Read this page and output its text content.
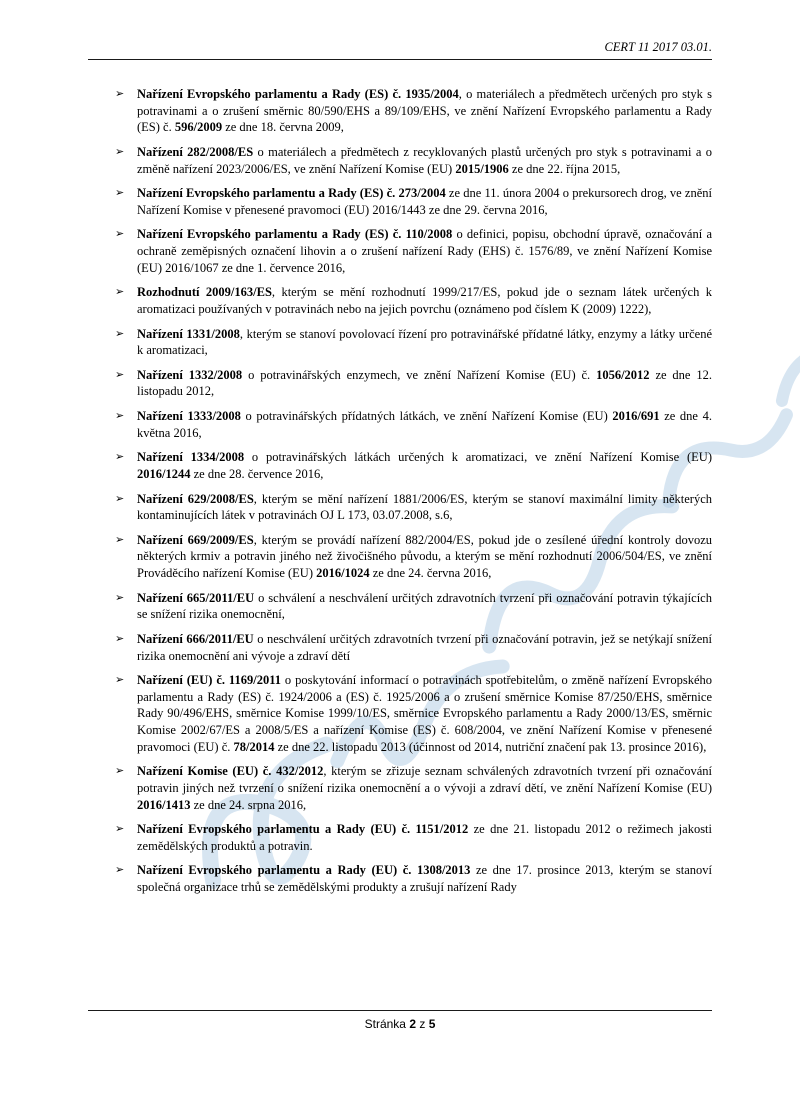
CERT 11 2017 03.01.
➢	Nařízení Evropského parlamentu a Rady (ES) č. 1935/2004, o materiálech a předmětech určených pro styk s potravinami a o zrušení směrnic 80/590/EHS a 89/109/EHS, ve znění Nařízení Evropského parlamentu a Rady (ES) č. 596/2009 ze dne 18. června 2009,
➢	Nařízení 282/2008/ES o materiálech a předmětech z recyklovaných plastů určených pro styk s potravinami a o změně nařízení 2023/2006/ES, ve znění Nařízení Komise (EU) 2015/1906 ze dne 22. října 2015,
➢	Nařízení Evropského parlamentu a Rady (ES) č. 273/2004 ze dne 11. února 2004 o prekursorech drog, ve znění Nařízení Komise v přenesené pravomoci (EU) 2016/1443 ze dne 29. června 2016,
➢	Nařízení Evropského parlamentu a Rady (ES) č. 110/2008 o definici, popisu, obchodní úpravě, označování a ochraně zeměpisných označení lihovin a o zrušení nařízení Rady (EHS) č. 1576/89, ve znění Nařízení Komise (EU) 2016/1067 ze dne 1. července 2016,
➢	Rozhodnutí 2009/163/ES, kterým se mění rozhodnutí 1999/217/ES, pokud jde o seznam látek určených k aromatizaci používaných v potravinách nebo na jejich povrchu (oznámeno pod číslem K (2009) 1222),
➢	Nařízení 1331/2008, kterým se stanoví povolovací řízení pro potravinářské přídatné látky, enzymy a látky určené k aromatizaci,
➢	Nařízení 1332/2008 o potravinářských enzymech, ve znění Nařízení Komise (EU) č. 1056/2012 ze dne 12. listopadu 2012,
➢	Nařízení 1333/2008 o potravinářských přídatných látkách, ve znění Nařízení Komise (EU) 2016/691 ze dne 4. května 2016,
➢	Nařízení 1334/2008 o potravinářských látkách určených k aromatizaci, ve znění Nařízení Komise (EU) 2016/1244 ze dne 28. července 2016,
➢	Nařízení 629/2008/ES, kterým se mění nařízení 1881/2006/ES, kterým se stanoví maximální limity některých kontaminujících látek v potravinách OJ L 173, 03.07.2008, s.6,
➢	Nařízení 669/2009/ES, kterým se provádí nařízení 882/2004/ES, pokud jde o zesílené úřední kontroly dovozu některých krmiv a potravin jiného než živočišného původu, a kterým se mění rozhodnutí 2006/504/ES, ve znění Prováděcího nařízení Komise (EU) 2016/1024 ze dne 24. června 2016,
➢	Nařízení 665/2011/EU o schválení a neschválení určitých zdravotních tvrzení při označování potravin týkajících se snížení rizika onemocnění,
➢	Nařízení 666/2011/EU o neschválení určitých zdravotních tvrzení při označování potravin, jež se netýkají snížení rizika onemocnění ani vývoje a zdraví dětí
➢	Nařízení (EU) č. 1169/2011 o poskytování informací o potravinách spotřebitelům, o změně nařízení Evropského parlamentu a Rady (ES) č. 1924/2006 a (ES) č. 1925/2006 a o zrušení směrnice Komise 87/250/EHS, směrnice Rady 90/496/EHS, směrnice Komise 1999/10/ES, směrnice Evropského parlamentu a Rady 2000/13/ES, směrnic Komise 2002/67/ES a 2008/5/ES a nařízení Komise (ES) č. 608/2004, ve znění Nařízení Komise v přenesené pravomoci (EU) č. 78/2014 ze dne 22. listopadu 2013 (účinnost od 2014, nutriční značení pak 13. prosince 2016),
➢	Nařízení Komise (EU) č. 432/2012, kterým se zřizuje seznam schválených zdravotních tvrzení při označování potravin jiných než tvrzení o snížení rizika onemocnění a o vývoji a zdraví dětí, ve znění Nařízení Komise (EU) 2016/1413 ze dne 24. srpna 2016,
➢	Nařízení Evropského parlamentu a Rady (EU) č. 1151/2012 ze dne 21. listopadu 2012 o režimech jakosti zemědělských produktů a potravin.
➢	Nařízení Evropského parlamentu a Rady (EU) č. 1308/2013 ze dne 17. prosince 2013, kterým se stanoví společná organizace trhů se zemědělskými produkty a zrušují nařízení Rady
Stránka 2 z 5
